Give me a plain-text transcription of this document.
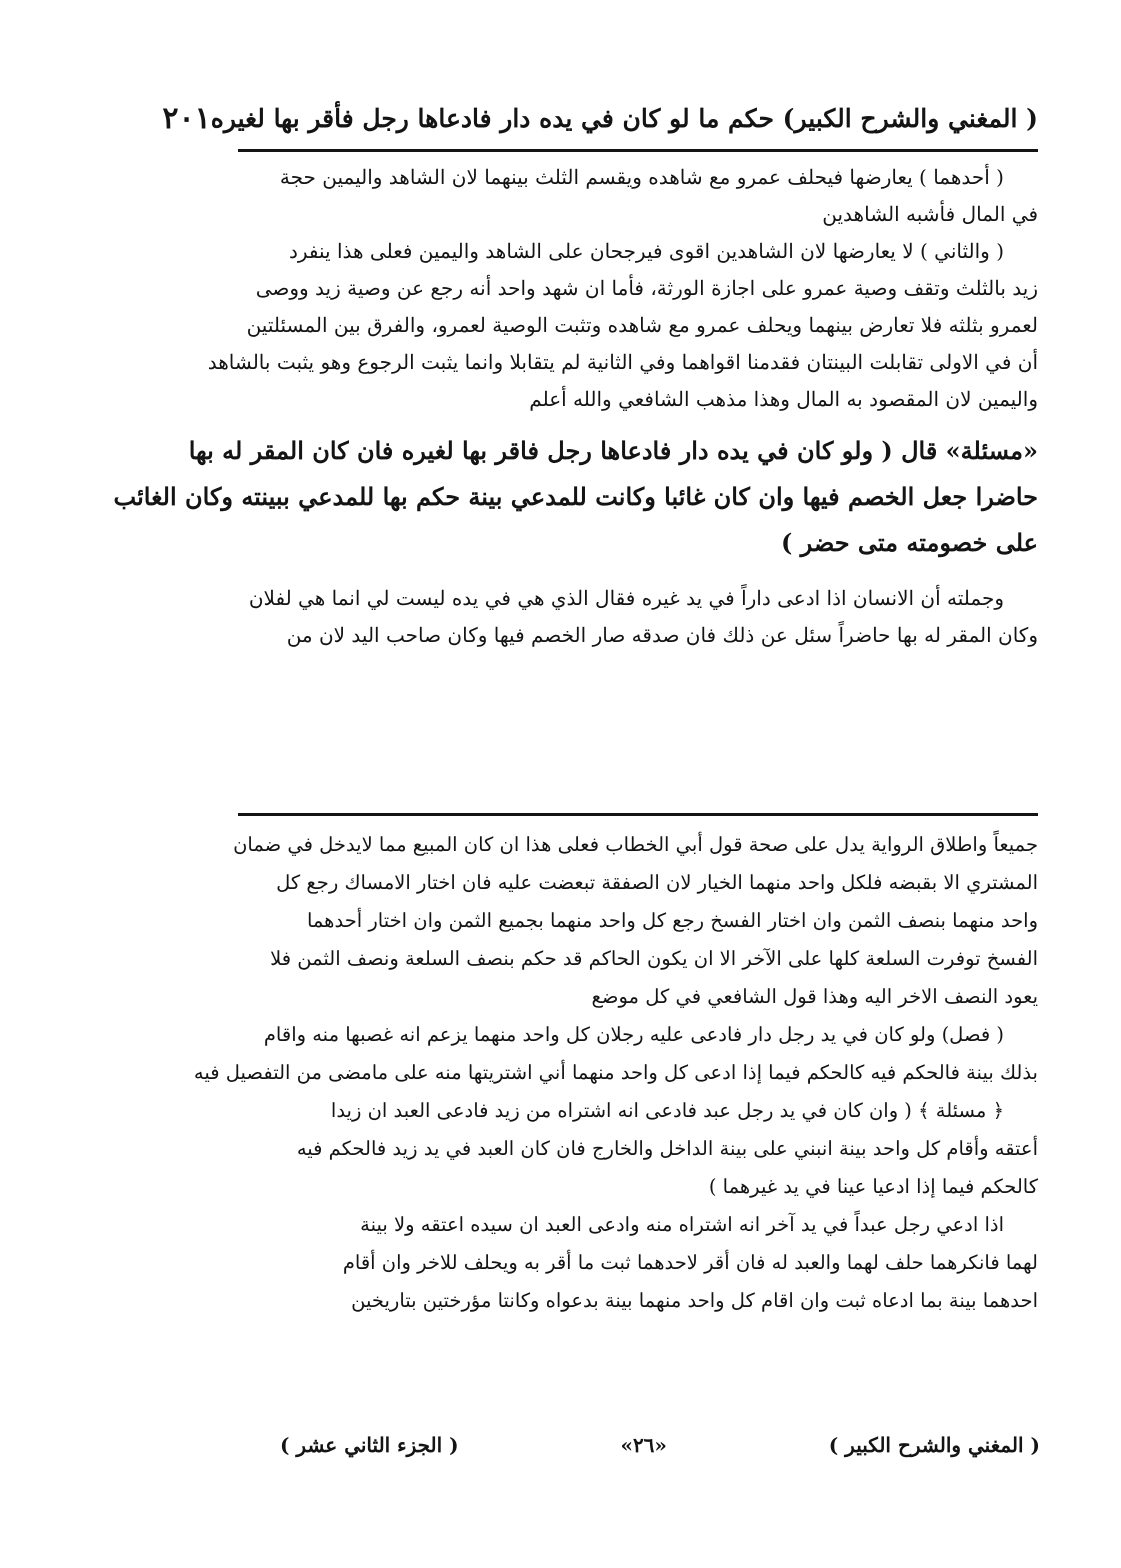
( المغني والشرح الكبير) حكم ما لو كان في يده دار فادعاها رجل فأقر بها لغيره
٢٠١
( أحدهما ) يعارضها فيحلف عمرو مع شاهده ويقسم الثلث بينهما لان الشاهد واليمين حجة
في المال فأشبه الشاهدين
( والثاني ) لا يعارضها لان الشاهدين اقوى فيرجحان على الشاهد واليمين فعلى هذا ينفرد
زيد بالثلث وتقف وصية عمرو على اجازة الورثة، فأما ان شهد واحد أنه رجع عن وصية زيد ووصى
لعمرو بثلثه فلا تعارض بينهما ويحلف عمرو مع شاهده وتثبت الوصية لعمرو، والفرق بين المسئلتين
أن في الاولى تقابلت البينتان فقدمنا اقواهما وفي الثانية لم يتقابلا وانما يثبت الرجوع وهو يثبت بالشاهد
واليمين لان المقصود به المال وهذا مذهب الشافعي والله أعلم
«مسئلة» قال ( ولو كان في يده دار فادعاها رجل فاقر بها لغيره فان كان المقر له بها
حاضرا جعل الخصم فيها وان كان غائبا وكانت للمدعي بينة حكم بها للمدعي ببينته وكان الغائب
على خصومته متى حضر )
وجملته أن الانسان اذا ادعى داراً في يد غيره فقال الذي هي في يده ليست لي انما هي لفلان
وكان المقر له بها حاضراً سئل عن ذلك فان صدقه صار الخصم فيها وكان صاحب اليد لان من
جميعاً واطلاق الرواية يدل على صحة قول أبي الخطاب فعلى هذا ان كان المبيع مما لايدخل في ضمان
المشتري الا بقبضه فلكل واحد منهما الخيار لان الصفقة تبعضت عليه فان اختار الامساك رجع كل
واحد منهما بنصف الثمن وان اختار الفسخ رجع كل واحد منهما بجميع الثمن وان اختار أحدهما
الفسخ توفرت السلعة كلها على الآخر الا ان يكون الحاكم قد حكم بنصف السلعة ونصف الثمن فلا
يعود النصف الاخر اليه وهذا قول الشافعي في كل موضع
( فصل) ولو كان في يد رجل دار فادعى عليه رجلان كل واحد منهما يزعم انه غصبها منه واقام
بذلك بينة فالحكم فيه كالحكم فيما إذا ادعى كل واحد منهما أني اشتريتها منه على مامضى من التفصيل فيه
﴿ مسئلة ﴾ ( وان كان في يد رجل عبد فادعى انه اشتراه من زيد فادعى العبد ان زيدا
أعتقه وأقام كل واحد بينة انبني على بينة الداخل والخارج فان كان العبد في يد زيد فالحكم فيه
كالحكم فيما إذا ادعيا عينا في يد غيرهما )
اذا ادعي رجل عبداً في يد آخر انه اشتراه منه وادعى العبد ان سيده اعتقه ولا بينة
لهما فانكرهما حلف لهما والعبد له فان أقر لاحدهما ثبت ما أقر به ويحلف للاخر وان أقام
احدهما بينة بما ادعاه ثبت وان اقام كل واحد منهما بينة بدعواه وكانتا مؤرختين بتاريخين
( المغني والشرح الكبير )
«٢٦»
( الجزء الثاني عشر )
